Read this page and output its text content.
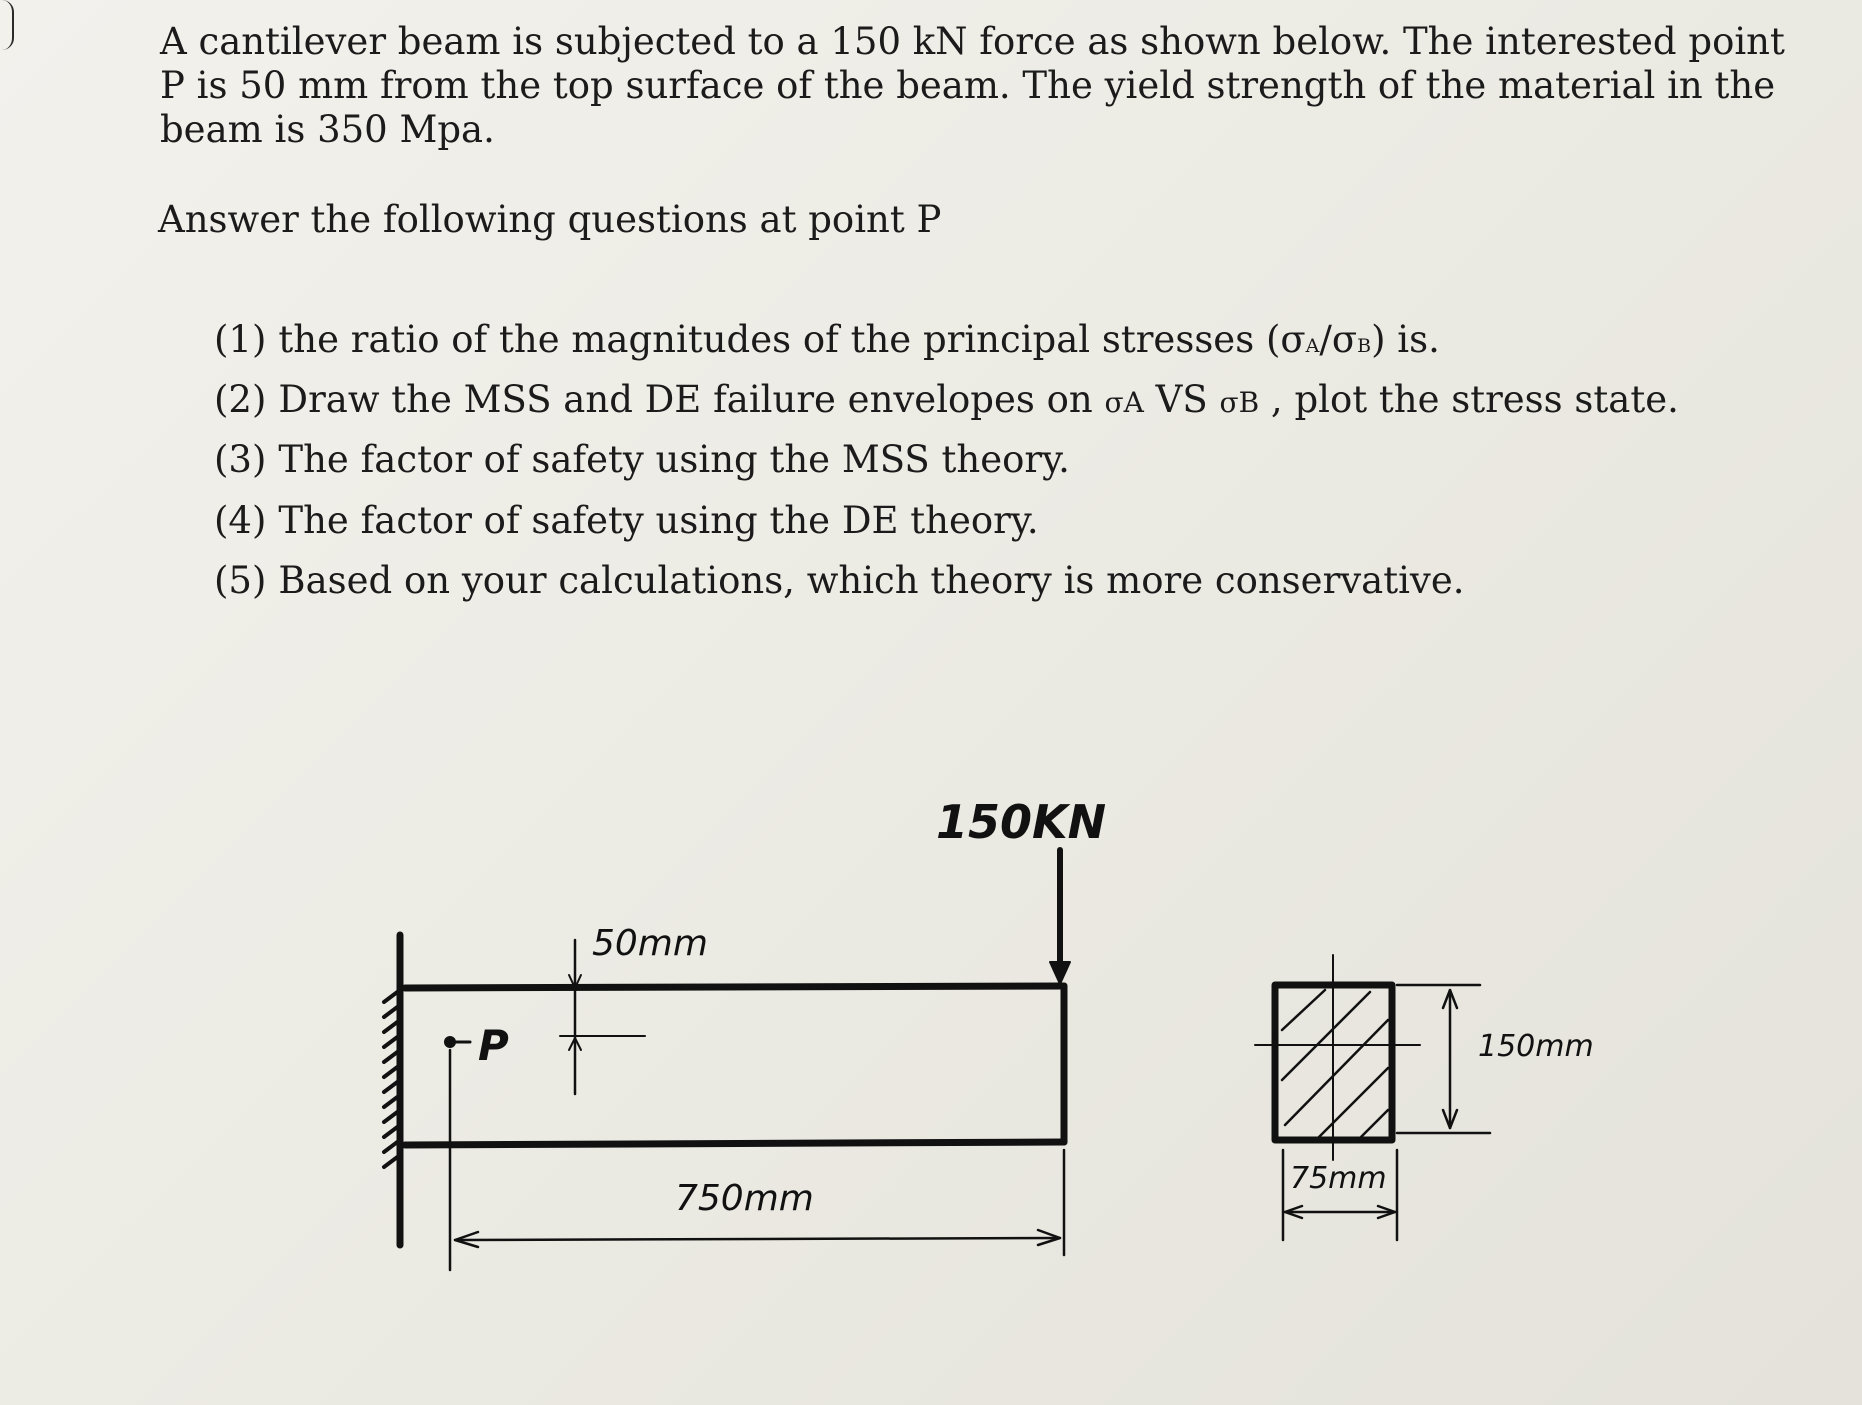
A cantilever beam is subjected to a 150 kN force as shown below. The interested point
P is 50 mm from the top surface of the beam. The yield strength of the material in the
beam is 350 Mpa.
Answer the following questions at point P
(1) the ratio of the magnitudes of the principal stresses (σA/σB) is.
(2) Draw the MSS and DE failure envelopes on σA VS σB , plot the stress state.
(3) The factor of safety using the MSS theory.
(4) The factor of safety using the DE theory.
(5) Based on your calculations, which theory is more conservative.
150KN
P
50mm
750mm
150mm
75mm
